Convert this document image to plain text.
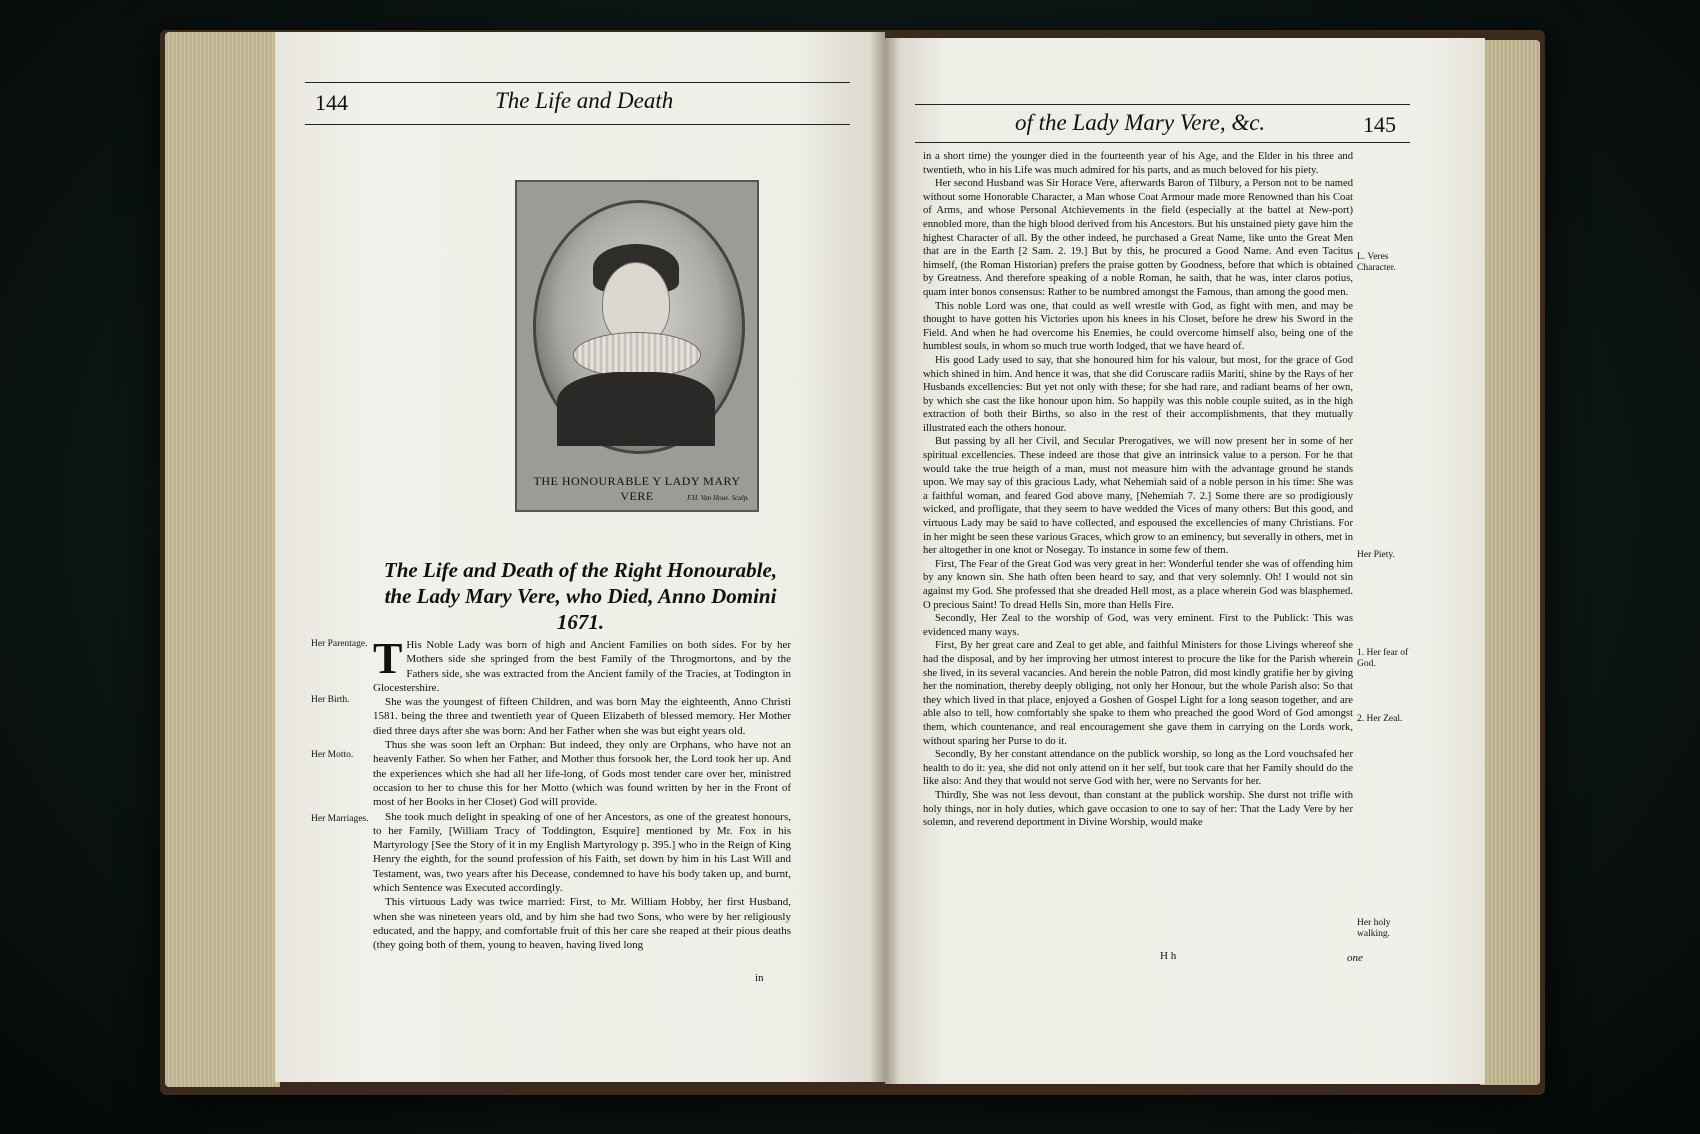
144	The Life and Death
THE HONOURABLE Y LADY MARY VERE	F.H. Van Houe. Sculp.
The Life and Death of the Right Honourable, the Lady Mary Vere, who Died, Anno Domini 1671.
Her Parentage.
Her Birth.
Her Motto.
Her Marriages.

T His Noble Lady was born of high and Ancient Families on both sides. For by her Mothers side she springed from the best Family of the Throgmortons, and by the Fathers side, she was extracted from the Ancient family of the Tracies, at Todington in Glocestershire.

She was the youngest of fifteen Children, and was born May the eighteenth, Anno Christi 1581. being the three and twentieth year of Queen Elizabeth of blessed memory. Her Mother died three days after she was born: And her Father when she was but eight years old.

Thus she was soon left an Orphan: But indeed, they only are Orphans, who have not an heavenly Father. So when her Father, and Mother thus forsook her, the Lord took her up. And the experiences which she had all her life-long, of Gods most tender care over her, ministred occasion to her to chuse this for her Motto (which was found written by her in the Front of most of her Books in her Closet) God will provide.

She took much delight in speaking of one of her Ancestors, as one of the greatest honours, to her Family, [William Tracy of Toddington, Esquire] mentioned by Mr. Fox in his Martyrology [See the Story of it in my English Martyrology p. 395.] who in the Reign of King Henry the eighth, for the sound profession of his Faith, set down by him in his Last Will and Testament, was, two years after his Decease, condemned to have his body taken up, and burnt, which Sentence was Executed accordingly.

This virtuous Lady was twice married: First, to Mr. William Hobby, her first Husband, when she was nineteen years old, and by him she had two Sons, who were by her religiously educated, and the happy, and comfortable fruit of this her care she reaped at their pious deaths (they going both of them, young to heaven, having lived long

in
of the Lady Mary Vere, &c.	145

in a short time) the younger died in the fourteenth year of his Age, and the Elder in his three and twentieth, who in his Life was much admired for his parts, and as much beloved for his piety.

Her second Husband was Sir Horace Vere, afterwards Baron of Tilbury, a Person not to be named without some Honorable Character, a Man whose Coat Armour made more Renowned than his Coat of Arms, and whose Personal Atchievements in the field (especially at the battel at New-port) ennobled more, than the high blood derived from his Ancestors. But his unstained piety gave him the highest Character of all. By the other indeed, he purchased a Great Name, like unto the Great Men that are in the Earth [2 Sam. 2. 19.] But by this, he procured a Good Name. And even Tacitus himself, (the Roman Historian) prefers the praise gotten by Goodness, before that which is obtained by Greatness. And therefore speaking of a noble Roman, he saith, that he was, inter claros potius, quam inter bonos consensus: Rather to be numbred amongst the Famous, than among the good men.

This noble Lord was one, that could as well wrestle with God, as fight with men, and may be thought to have gotten his Victories upon his knees in his Closet, before he drew his Sword in the Field. And when he had overcome his Enemies, he could overcome himself also, being one of the humblest souls, in whom so much true worth lodged, that we have heard of.

His good Lady used to say, that she honoured him for his valour, but most, for the grace of God which shined in him. And hence it was, that she did Coruscare radiis Mariti, shine by the Rays of her Husbands excellencies: But yet not only with these; for she had rare, and radiant beams of her own, by which she cast the like honour upon him. So happily was this noble couple suited, as in the high extraction of both their Births, so also in the rest of their accomplishments, that they mutually illustrated each the others honour.

But passing by all her Civil, and Secular Prerogatives, we will now present her in some of her spiritual excellencies. These indeed are those that give an intrinsick value to a person. For he that would take the true heigth of a man, must not measure him with the advantage ground he stands upon. We may say of this gracious Lady, what Nehemiah said of a noble person in his time: She was a faithful woman, and feared God above many, [Nehemiah 7. 2.] Some there are so prodigiously wicked, and profligate, that they seem to have wedded the Vices of many others: But this good, and virtuous Lady may be said to have collected, and espoused the excellencies of many Christians. For in her might be seen these various Graces, which grow to an eminency, but severally in others, met in her altogether in one knot or Nosegay. To instance in some few of them.

First, The Fear of the Great God was very great in her: Wonderful tender she was of offending him by any known sin. She hath often been heard to say, and that very solemnly. Oh! I would not sin against my God. She professed that she dreaded Hell most, as a place wherein God was blasphemed. O precious Saint! To dread Hells Sin, more than Hells Fire.

Secondly, Her Zeal to the worship of God, was very eminent. First to the Publick: This was evidenced many ways.

First, By her great care and Zeal to get able, and faithful Ministers for those Livings whereof she had the disposal, and by her improving her utmost interest to procure the like for the Parish wherein she lived, in its several vacancies. And herein the noble Patron, did most kindly gratifie her by giving her the nomination, thereby deeply obliging, not only her Honour, but the whole Parish also: So that they which lived in that place, enjoyed a Goshen of Gospel Light for a long season together, and are able also to tell, how comfortably she spake to them who preached the good Word of God amongst them, which countenance, and real encouragement she gave them in carrying on the Lords work, without sparing her Purse to do it.

Secondly, By her constant attendance on the publick worship, so long as the Lord vouchsafed her health to do it: yea, she did not only attend on it her self, but took care that her Family should do the like also: And they that would not serve God with her, were no Servants for her.

Thirdly, She was not less devout, than constant at the publick worship. She durst not trifle with holy things, nor in holy duties, which gave occasion to one to say of her: That the Lady Vere by her solemn, and reverend deportment in Divine Worship, would make

L. Veres Character.
Her Piety.
1. Her fear of God.
2. Her Zeal.
Her holy walking.
H h	one
